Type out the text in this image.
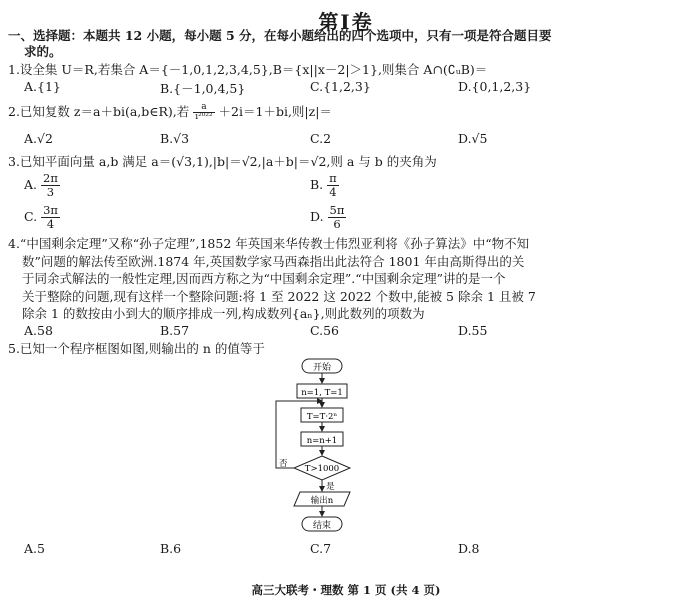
第Ⅰ卷
一、选择题：本题共 12 小题，每小题 5 分，在每小题给出的四个选项中，只有一项是符合题目要
求的。
1.设全集 U＝R,若集合 A＝{－1,0,1,2,3,4,5},B＝{x||x－2|＞1},则集合 A∩(∁ᵤB)＝
A.{1}	B.{－1,0,4,5}	C.{1,2,3}	D.{0,1,2,3}
2.已知复数 z＝a＋bi(a,b∈R),若 $\frac{a}{\text{i²⁰²²}} +2i=1+bi$,则|z|＝
A.√2	B.√3	C.2	D.√5
3.已知平面向量 a,b 满足 a＝(√3,1),|b|＝√2,|a＋b|＝√2,则 a 与 b 的夹角为
A. $\frac{2\pi}{3}$	B. $\frac{\pi}{4}$
C. $\frac{3\pi}{4}$	D. $\frac{5\pi}{6}$
4.“中国剩余定理”又称“孙子定理”,1852 年英国来华传教士伟烈亚利将《孙子算法》中“物不知
数”问题的解法传至欧洲.1874 年,英国数学家马西森指出此法符合 1801 年由高斯得出的关
于同余式解法的一般性定理,因而西方称之为“中国剩余定理”.“中国剩余定理”讲的是一个
关于整除的问题,现有这样一个整除问题:将 1 至 2022 这 2022 个数中,能被 5 除余 1 且被 7
除余 1 的数按由小到大的顺序排成一列,构成数列{aₙ},则此数列的项数为
A.58	B.57	C.56	D.55
5.已知一个程序框图如图,则输出的 n 的值等于
开始
n=1, T=1
T=T·2ⁿ
n=n+1
T>1000
否
是
输出n
结束
A.5	B.6	C.7	D.8
高三大联考・理数 第 1 页 (共 4 页)
